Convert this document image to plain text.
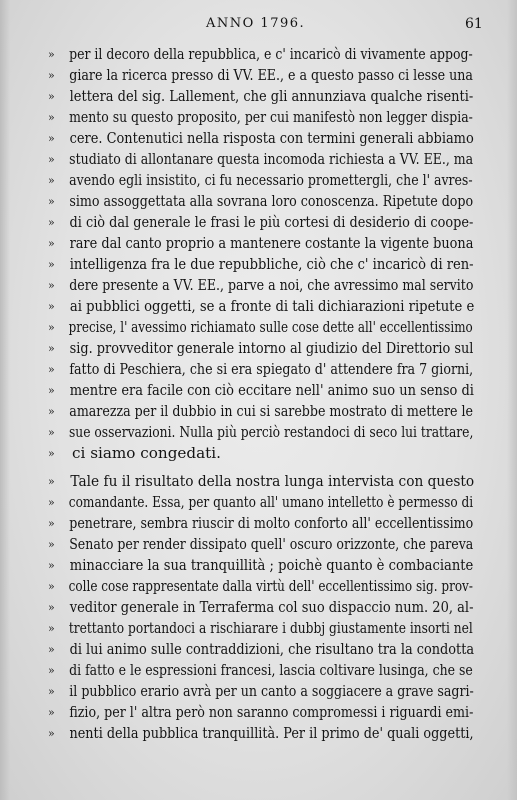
ANNO 1796.	61
» per il decoro della repubblica, e c' incaricò di vivamente appog-
» giare la ricerca presso di VV. EE., e a questo passo ci lesse una
» lettera del sig. Lallement, che gli annunziava qualche risenti-
» mento su questo proposito, per cui manifestò non legger dispia-
» cere. Contenutici nella risposta con termini generali abbiamo
» studiato di allontanare questa incomoda richiesta a VV. EE., ma
» avendo egli insistito, ci fu necessario promettergli, che l' avres-
» simo assoggettata alla sovrana loro conoscenza. Ripetute dopo
» di ciò dal generale le frasi le più cortesi di desiderio di coope-
» rare dal canto proprio a mantenere costante la vigente buona
» intelligenza fra le due repubbliche, ciò che c' incaricò di ren-
» dere presente a VV. EE., parve a noi, che avressimo mal servito
» ai pubblici oggetti, se a fronte di tali dichiarazioni ripetute e
» precise, l' avessimo richiamato sulle cose dette all' eccellentissimo
» sig. provveditor generale intorno al giudizio del Direttorio sul
» fatto di Peschiera, che si era spiegato d' attendere fra 7 giorni,
» mentre era facile con ciò eccitare nell' animo suo un senso di
» amarezza per il dubbio in cui si sarebbe mostrato di mettere le
» sue osservazioni. Nulla più perciò restandoci di seco lui trattare,
» ci siamo congedati.
» Tale fu il risultato della nostra lunga intervista con questo
» comandante. Essa, per quanto all' umano intelletto è permesso di
» penetrare, sembra riuscir di molto conforto all' eccellentissimo
» Senato per render dissipato quell' oscuro orizzonte, che pareva
» minacciare la sua tranquillità ; poichè quanto è combaciante
» colle cose rappresentate dalla virtù dell' eccellentissimo sig. prov-
» veditor generale in Terraferma col suo dispaccio num. 20, al-
» trettanto portandoci a rischiarare i dubbj giustamente insorti nel
» di lui animo sulle contraddizioni, che risultano tra la condotta
» di fatto e le espressioni francesi, lascia coltivare lusinga, che se
» il pubblico erario avrà per un canto a soggiacere a grave sagri-
» fizio, per l' altra però non saranno compromessi i riguardi emi-
» nenti della pubblica tranquillità. Per il primo de' quali oggetti,
